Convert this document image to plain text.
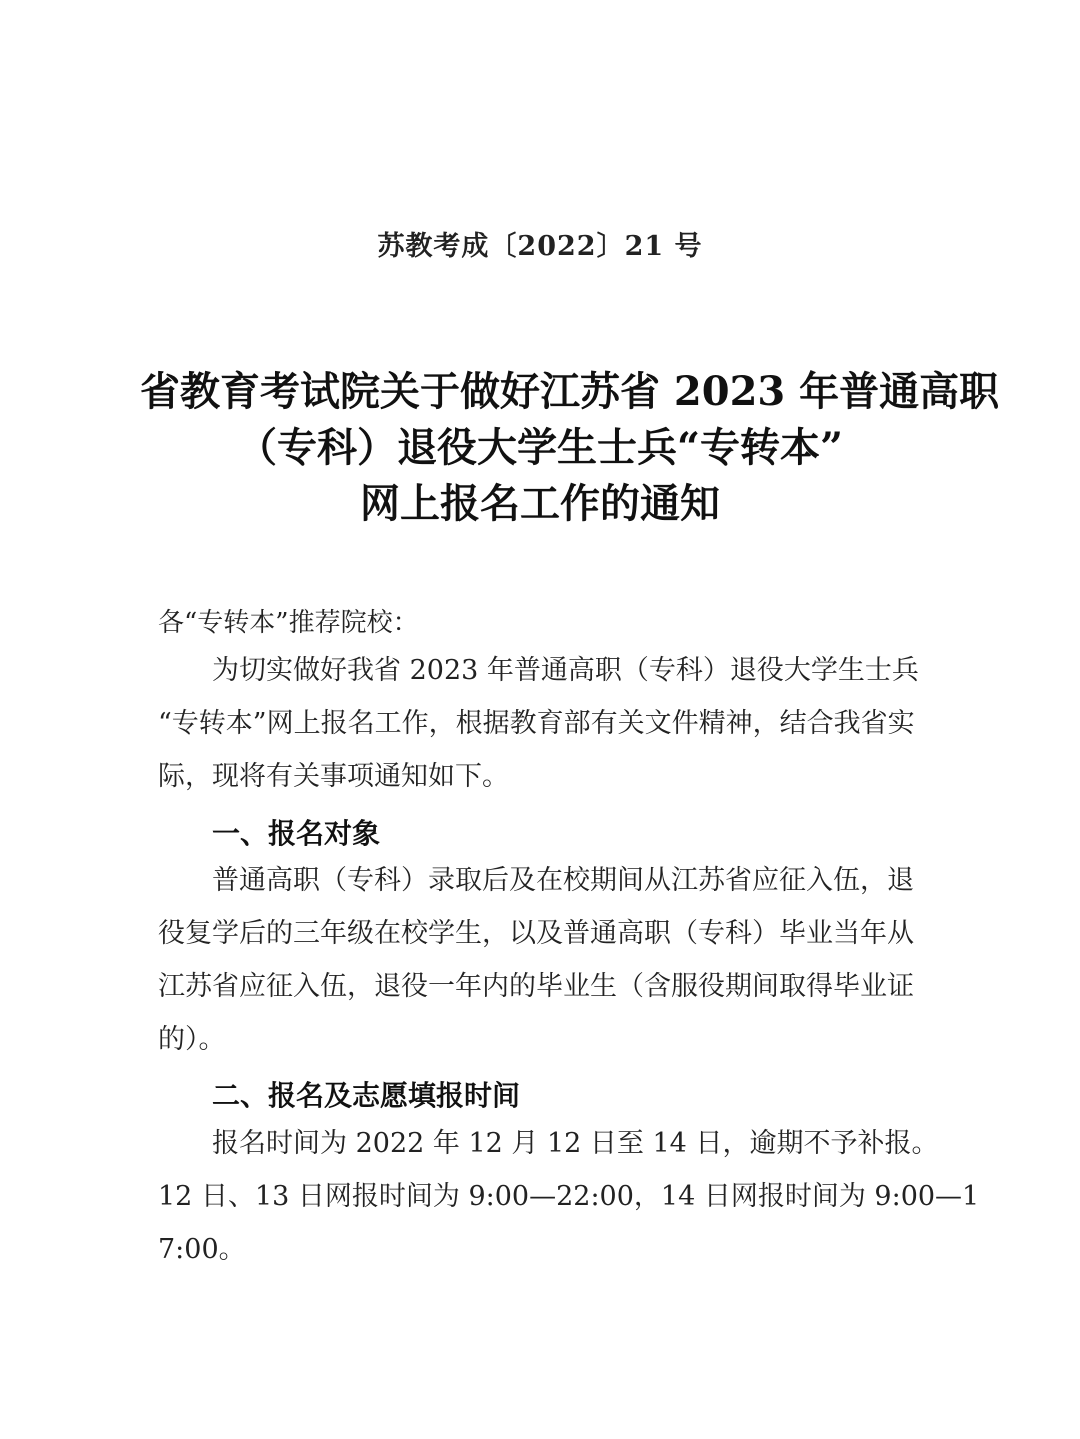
苏教考成〔2022〕21 号
省教育考试院关于做好江苏省 2023 年普通高职
（专科）退役大学生士兵“专转本”
网上报名工作的通知
各“专转本”推荐院校：
为切实做好我省 2023 年普通高职（专科）退役大学生士兵
“专转本”网上报名工作，根据教育部有关文件精神，结合我省实
际，现将有关事项通知如下。
一、报名对象
普通高职（专科）录取后及在校期间从江苏省应征入伍，退
役复学后的三年级在校学生，以及普通高职（专科）毕业当年从
江苏省应征入伍，退役一年内的毕业生（含服役期间取得毕业证
的）。
二、报名及志愿填报时间
报名时间为 2022 年 12 月 12 日至 14 日，逾期不予补报。
12 日、13 日网报时间为 9:00—22:00，14 日网报时间为 9:00—1
7:00。
